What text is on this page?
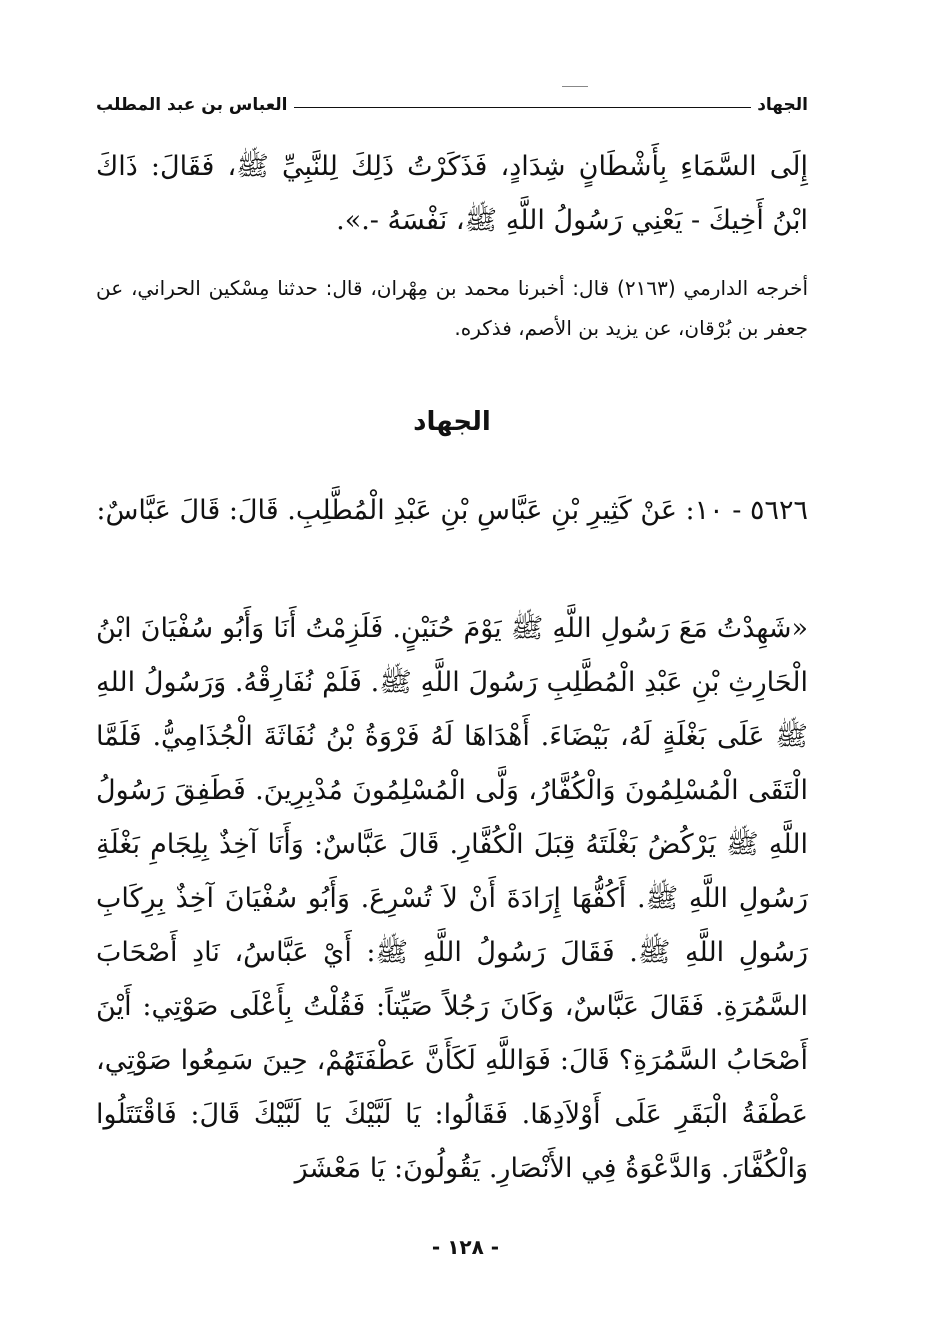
الجهاد
العباس بن عبد المطلب

إِلَى السَّمَاءِ بِأَشْطَانٍ شِدَادٍ، فَذَكَرْتُ ذَلِكَ لِلنَّبِيِّ ﷺ، فَقَالَ: ذَاكَ ابْنُ أَخِيكَ - يَعْنِي رَسُولُ اللَّهِ ﷺ، نَفْسَهُ -.».

أخرجه الدارمي (٢١٦٣) قال: أخبرنا محمد بن مِهْران، قال: حدثنا مِسْكين الحراني، عن جعفر بن بُرْقان، عن يزيد بن الأصم، فذكره.

الجهاد

٥٦٢٦ - ١٠: عَنْ كَثِيرِ بْنِ عَبَّاسِ بْنِ عَبْدِ الْمُطَّلِبِ. قَالَ: قَالَ عَبَّاسٌ:

«شَهِدْتُ مَعَ رَسُولِ اللَّهِ ﷺ يَوْمَ حُنَيْنٍ. فَلَزِمْتُ أَنَا وَأَبُو سُفْيَانَ ابْنُ الْحَارِثِ بْنِ عَبْدِ الْمُطَّلِبِ رَسُولَ اللَّهِ ﷺ. فَلَمْ نُفَارِقْهُ. وَرَسُولُ اللهِ ﷺ عَلَى بَغْلَةٍ لَهُ، بَيْضَاءَ. أَهْدَاهَا لَهُ فَرْوَةُ بْنُ نُفَاثَةَ الْجُذَامِيُّ. فَلَمَّا الْتَقَى الْمُسْلِمُونَ وَالْكُفَّارُ، وَلَّى الْمُسْلِمُونَ مُدْبِرِينَ. فَطَفِقَ رَسُولُ اللَّهِ ﷺ يَرْكُضُ بَغْلَتَهُ قِبَلَ الْكُفَّارِ. قَالَ عَبَّاسٌ: وَأَنَا آخِذٌ بِلِجَامِ بَغْلَةِ رَسُولِ اللَّهِ ﷺ. أَكُفُّهَا إِرَادَةَ أَنْ لاَ تُسْرِعَ. وَأَبُو سُفْيَانَ آخِذٌ بِرِكَابِ رَسُولِ اللَّهِ ﷺ. فَقَالَ رَسُولُ اللَّهِ ﷺ: أَيْ عَبَّاسُ، نَادِ أَصْحَابَ السَّمُرَةِ. فَقَالَ عَبَّاسٌ، وَكَانَ رَجُلاً صَيِّتاً: فَقُلْتُ بِأَعْلَى صَوْتِي: أَيْنَ أَصْحَابُ السَّمُرَةِ؟ قَالَ: فَوَاللَّهِ لَكَأَنَّ عَطْفَتَهُمْ، حِينَ سَمِعُوا صَوْتِي، عَطْفَةُ الْبَقَرِ عَلَى أَوْلاَدِهَا. فَقَالُوا: يَا لَبَّيْكَ يَا لَبَّيْكَ قَالَ: فَاقْتَتَلُوا وَالْكُفَّارَ. وَالدَّعْوَةُ فِي الأَنْصَارِ. يَقُولُونَ: يَا مَعْشَرَ

- ١٢٨ -
